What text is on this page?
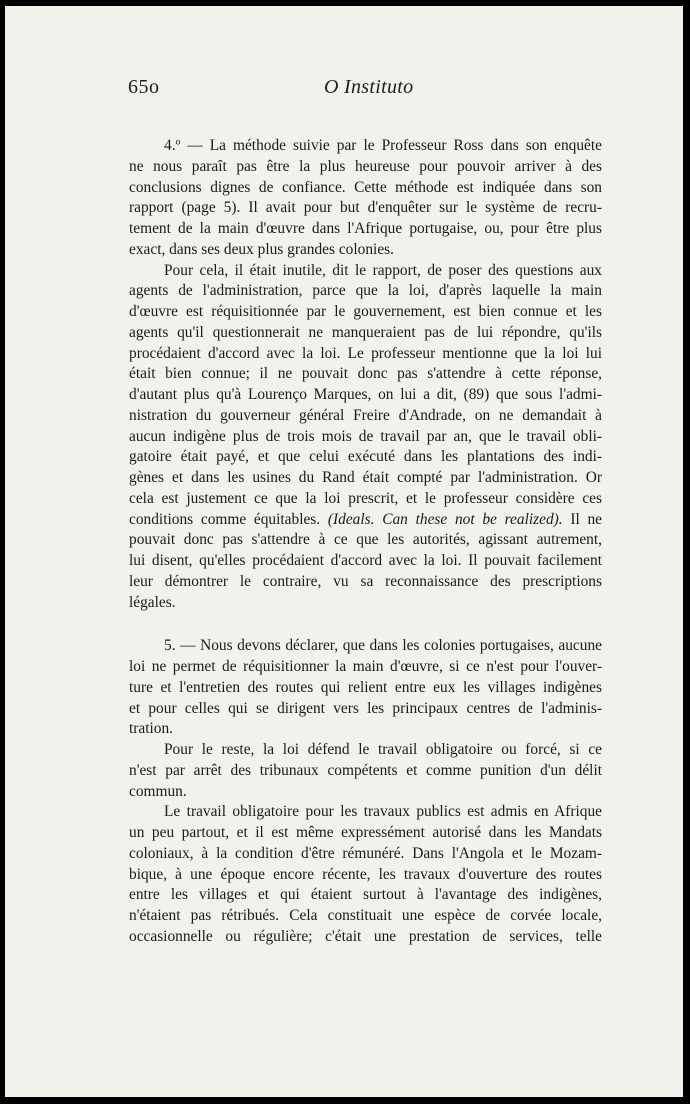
65o	O Instituto
4.º — La méthode suivie par le Professeur Ross dans son enquête
ne nous paraît pas être la plus heureuse pour pouvoir arriver à des
conclusions dignes de confiance. Cette méthode est indiquée dans son
rapport (page 5). Il avait pour but d'enquêter sur le système de recru-
tement de la main d'œuvre dans l'Afrique portugaise, ou, pour être plus
exact, dans ses deux plus grandes colonies.
Pour cela, il était inutile, dit le rapport, de poser des questions aux
agents de l'administration, parce que la loi, d'après laquelle la main
d'œuvre est réquisitionnée par le gouvernement, est bien connue et les
agents qu'il questionnerait ne manqueraient pas de lui répondre, qu'ils
procédaient d'accord avec la loi. Le professeur mentionne que la loi lui
était bien connue; il ne pouvait donc pas s'attendre à cette réponse,
d'autant plus qu'à Lourenço Marques, on lui a dit, (89) que sous l'admi-
nistration du gouverneur général Freire d'Andrade, on ne demandait à
aucun indigène plus de trois mois de travail par an, que le travail obli-
gatoire était payé, et que celui exécuté dans les plantations des indi-
gènes et dans les usines du Rand était compté par l'administration. Or
cela est justement ce que la loi prescrit, et le professeur considère ces
conditions comme équitables. (Ideals. Can these not be realized). Il ne
pouvait donc pas s'attendre à ce que les autorités, agissant autrement,
lui disent, qu'elles procédaient d'accord avec la loi. Il pouvait facilement
leur démontrer le contraire, vu sa reconnaissance des prescriptions
légales.
5. — Nous devons déclarer, que dans les colonies portugaises, aucune
loi ne permet de réquisitionner la main d'œuvre, si ce n'est pour l'ouver-
ture et l'entretien des routes qui relient entre eux les villages indigènes
et pour celles qui se dirigent vers les principaux centres de l'adminis-
tration.
Pour le reste, la loi défend le travail obligatoire ou forcé, si ce
n'est par arrêt des tribunaux compétents et comme punition d'un délit
commun.
Le travail obligatoire pour les travaux publics est admis en Afrique
un peu partout, et il est même expressément autorisé dans les Mandats
coloniaux, à la condition d'être rémunéré. Dans l'Angola et le Mozam-
bique, à une époque encore récente, les travaux d'ouverture des routes
entre les villages et qui étaient surtout à l'avantage des indigènes,
n'étaient pas rétribués. Cela constituait une espèce de corvée locale,
occasionnelle ou régulière; c'était une prestation de services, telle
